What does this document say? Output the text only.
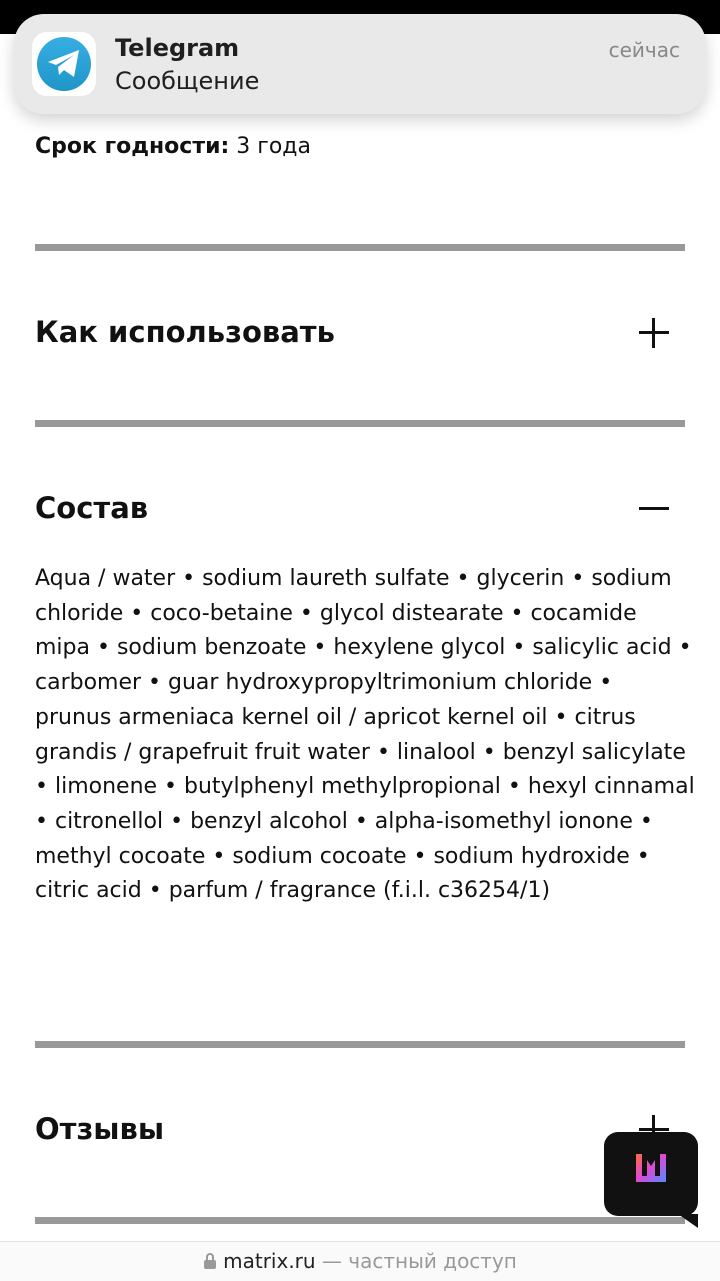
Telegram
Сообщение
сейчас
Срок годности: 3 года
Как использовать
Состав
Aqua / water • sodium laureth sulfate • glycerin • sodium chloride • coco-betaine • glycol distearate • cocamide mipa • sodium benzoate • hexylene glycol • salicylic acid • carbomer • guar hydroxypropyltrimonium chloride • prunus armeniaca kernel oil / apricot kernel oil • citrus grandis / grapefruit fruit water • linalool • benzyl salicylate • limonene • butylphenyl methylpropional • hexyl cinnamal • citronellol • benzyl alcohol • alpha-isomethyl ionone • methyl cocoate • sodium cocoate • sodium hydroxide • citric acid • parfum / fragrance (f.i.l. c36254/1)
Отзывы
matrix.ru — частный доступ
